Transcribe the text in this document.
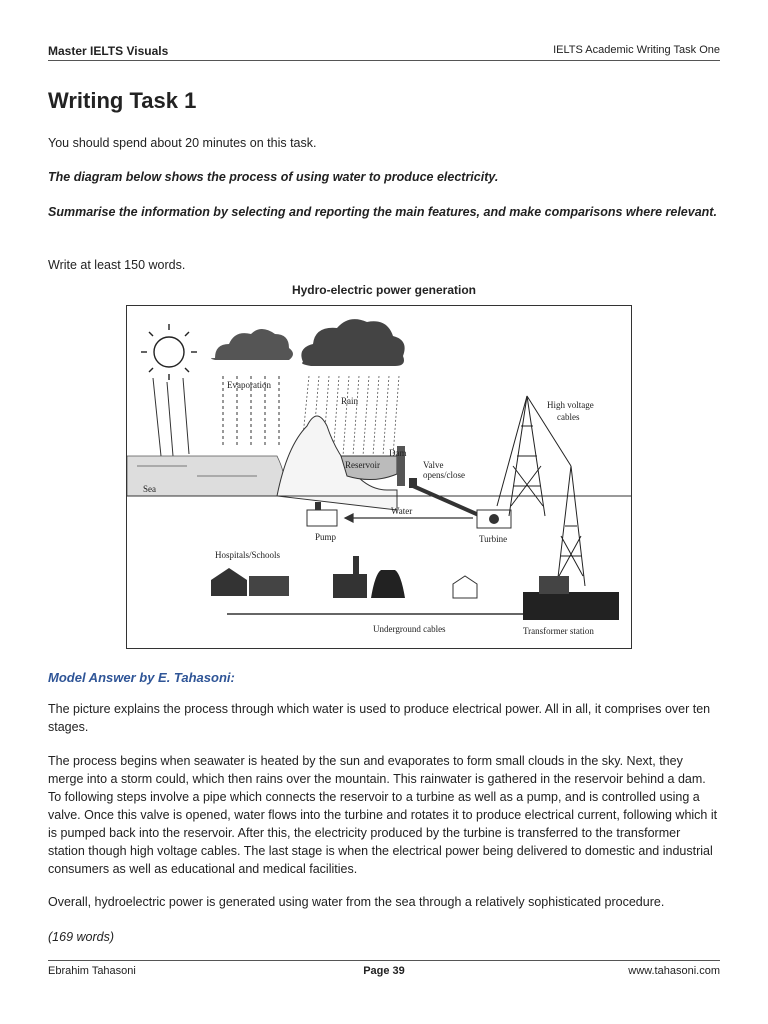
Master IELTS Visuals	IELTS Academic Writing Task One
Writing Task 1

You should spend about 20 minutes on this task.

The diagram below shows the process of using water to produce electricity.

Summarise the information by selecting and reporting the main features, and make comparisons where relevant.

Write at least 150 words.

Hydro-electric power generation
Evaporation
Rain
Sea
Reservoir
Dam
Valve
opens/close
Pump
Water
Turbine
High voltage
cables
Hospitals/Schools
Underground cables	Transformer station

Model Answer by E. Tahasoni:

The picture explains the process through which water is used to produce electrical power. All in all, it comprises over ten stages.

The process begins when seawater is heated by the sun and evaporates to form small clouds in the sky. Next, they merge into a storm could, which then rains over the mountain. This rainwater is gathered in the reservoir behind a dam. To following steps involve a pipe which connects the reservoir to a turbine as well as a pump, and is controlled using a valve. Once this valve is opened, water flows into the turbine and rotates it to produce electrical current, following which it is pumped back into the reservoir. After this, the electricity produced by the turbine is transferred to the transformer station though high voltage cables. The last stage is when the electrical power being delivered to domestic and industrial consumers as well as educational and medical facilities.

Overall, hydroelectric power is generated using water from the sea through a relatively sophisticated procedure.

(169 words)

Ebrahim Tahasoni	Page 39	www.tahasoni.com
